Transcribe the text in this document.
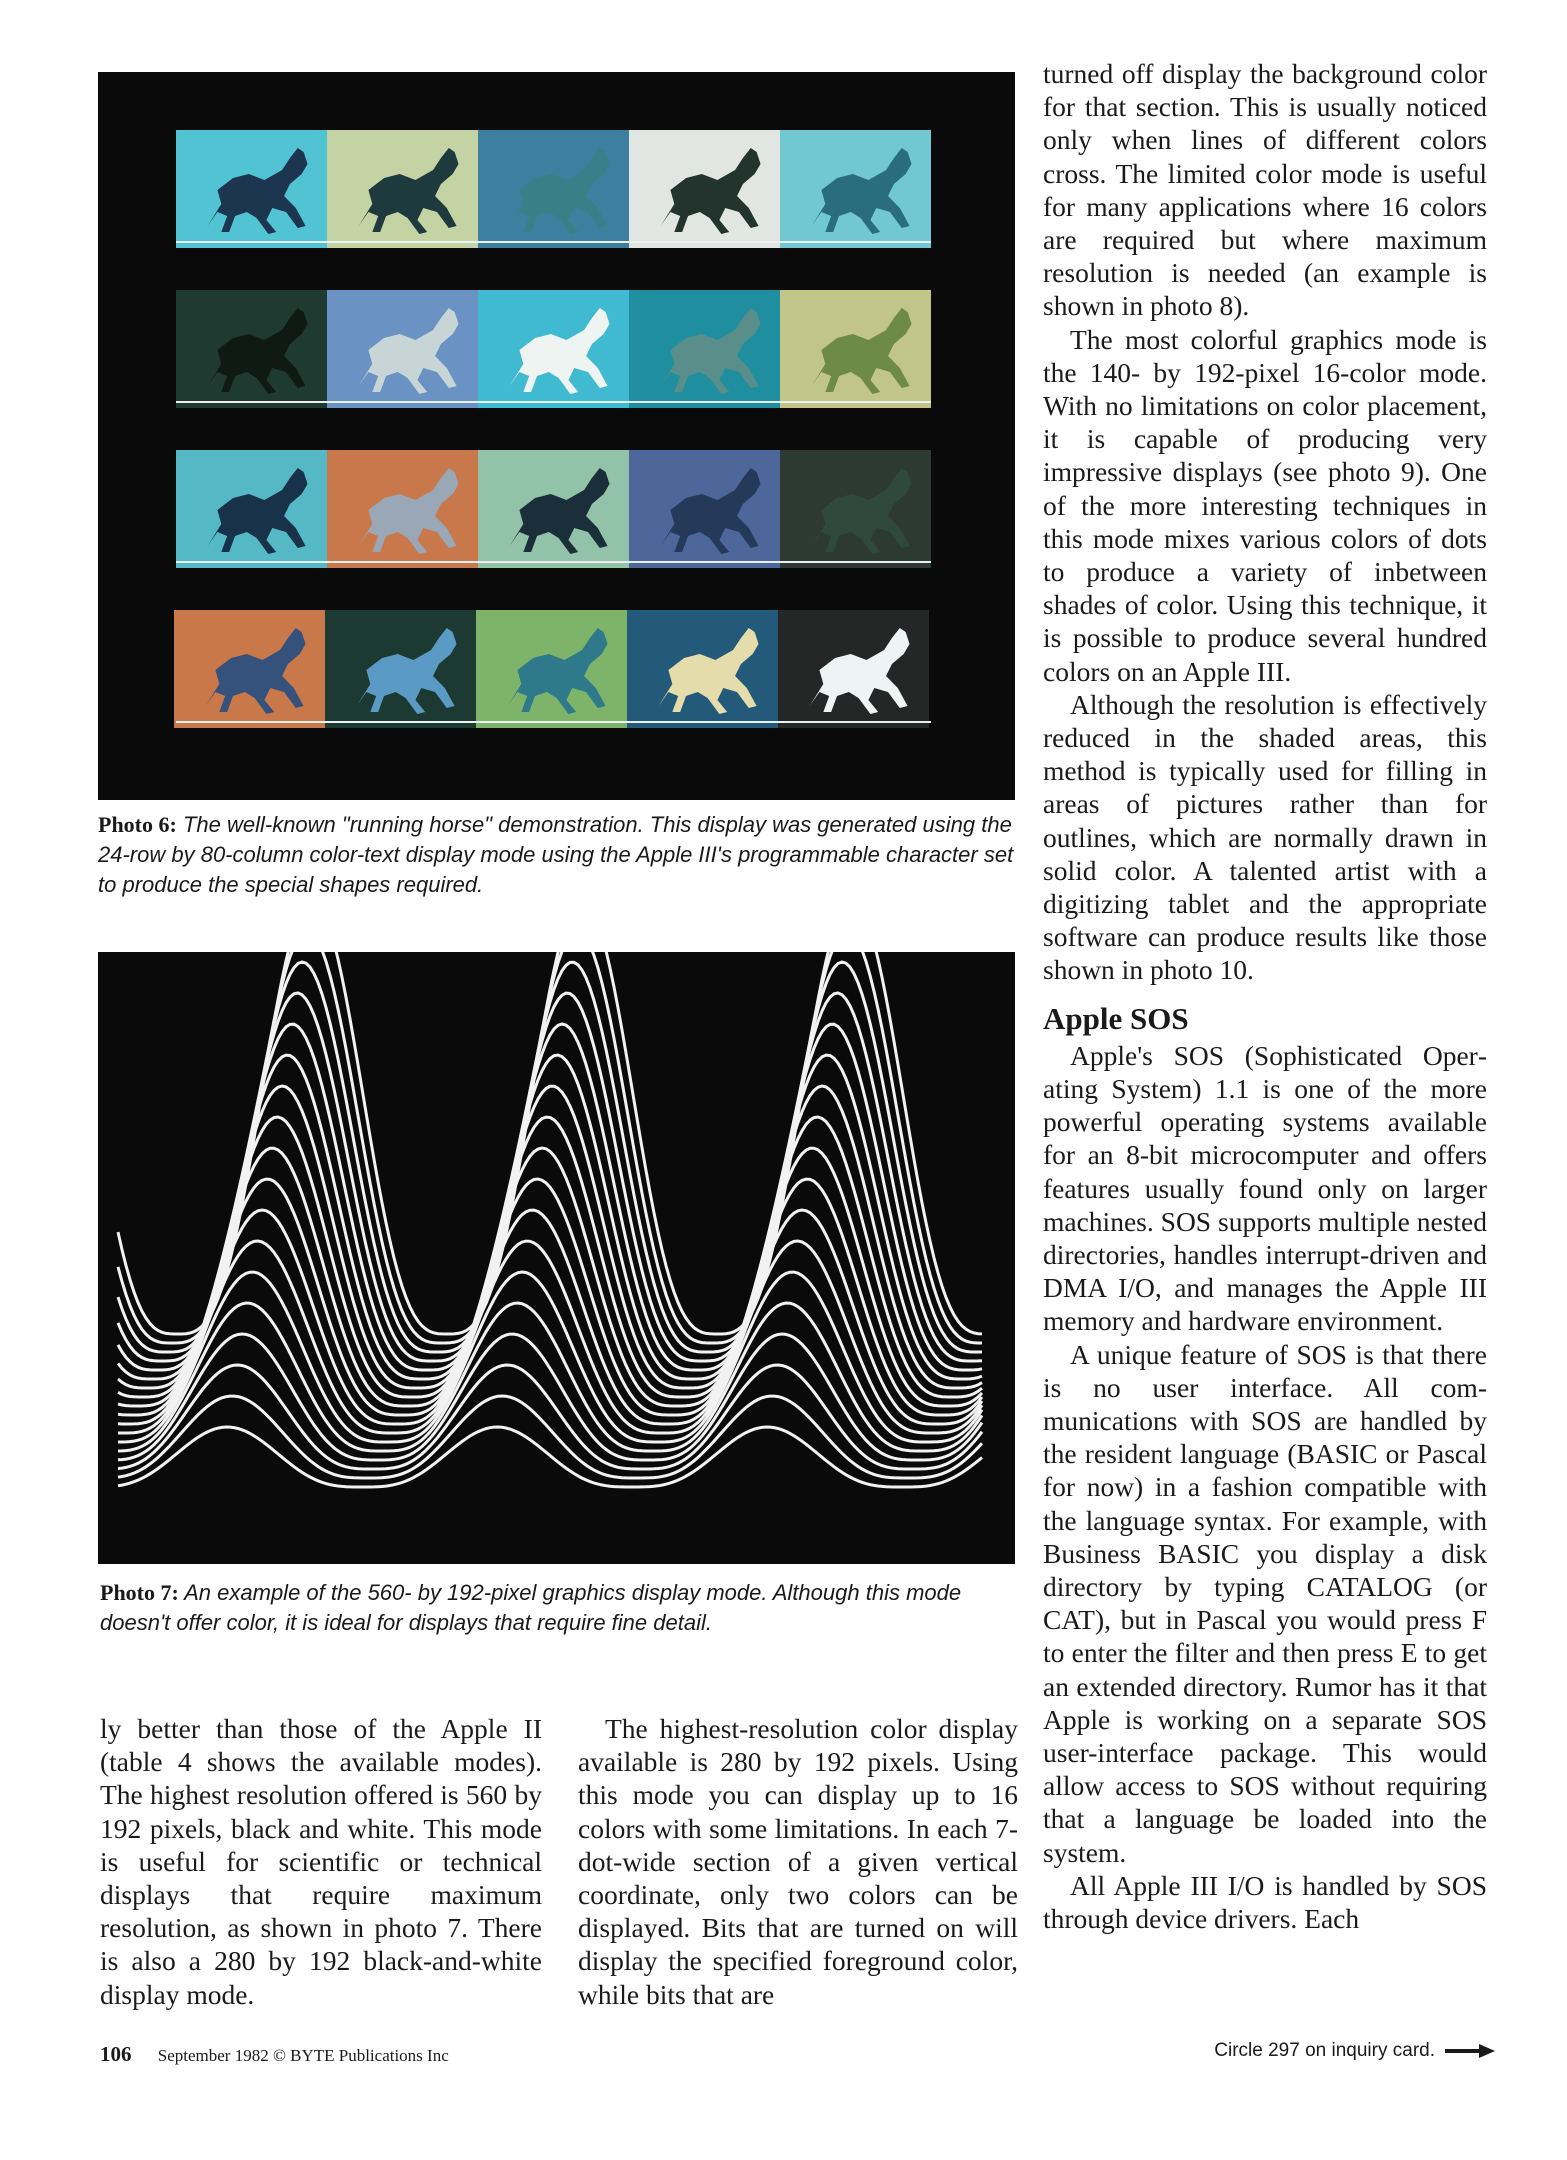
Photo 6: The well-known "running horse" demonstration. This display was generated using the 24-row by 80-column color-text display mode using the Apple III's programmable character set to produce the special shapes required.
Photo 7: An example of the 560- by 192-pixel graphics display mode. Although this mode doesn't offer color, it is ideal for displays that require fine detail.

ly better than those of the Apple II (table 4 shows the available modes). The highest resolution offered is 560 by 192 pixels, black and white. This mode is useful for scientific or technical displays that require maximum resolution, as shown in photo 7. There is also a 280 by 192 black-and-white display mode.

The highest-resolution color display available is 280 by 192 pixels. Using this mode you can display up to 16 colors with some limitations. In each 7-dot-wide section of a given vertical coordinate, only two colors can be displayed. Bits that are turned on will display the specified foreground color, while bits that are

turned off display the background color for that section. This is usually noticed only when lines of different colors cross. The limited color mode is useful for many applications where 16 colors are required but where maximum resolution is needed (an example is shown in photo 8).

The most colorful graphics mode is the 140- by 192-pixel 16-color mode. With no limitations on color placement, it is capable of producing very impressive displays (see photo 9). One of the more interesting techniques in this mode mixes various colors of dots to produce a variety of inbetween shades of color. Using this technique, it is possible to produce several hundred colors on an Apple III.

Although the resolution is effectively reduced in the shaded areas, this method is typically used for filling in areas of pictures rather than for outlines, which are normally drawn in solid color. A talented artist with a digitizing tablet and the appropriate software can produce results like those shown in photo 10.

Apple SOS

Apple's SOS (Sophisticated Operating System) 1.1 is one of the more powerful operating systems available for an 8-bit microcomputer and offers features usually found only on larger machines. SOS supports multiple nested directories, handles interrupt-driven and DMA I/O, and manages the Apple III memory and hardware environment.

A unique feature of SOS is that there is no user interface. All communications with SOS are handled by the resident language (BASIC or Pascal for now) in a fashion compatible with the language syntax. For example, with Business BASIC you display a disk directory by typing CATALOG (or CAT), but in Pascal you would press F to enter the filter and then press E to get an extended directory. Rumor has it that Apple is working on a separate SOS user-interface package. This would allow access to SOS without requiring that a language be loaded into the system.

All Apple III I/O is handled by SOS through device drivers. Each

106 September 1982 © BYTE Publications Inc	Circle 297 on inquiry card.
